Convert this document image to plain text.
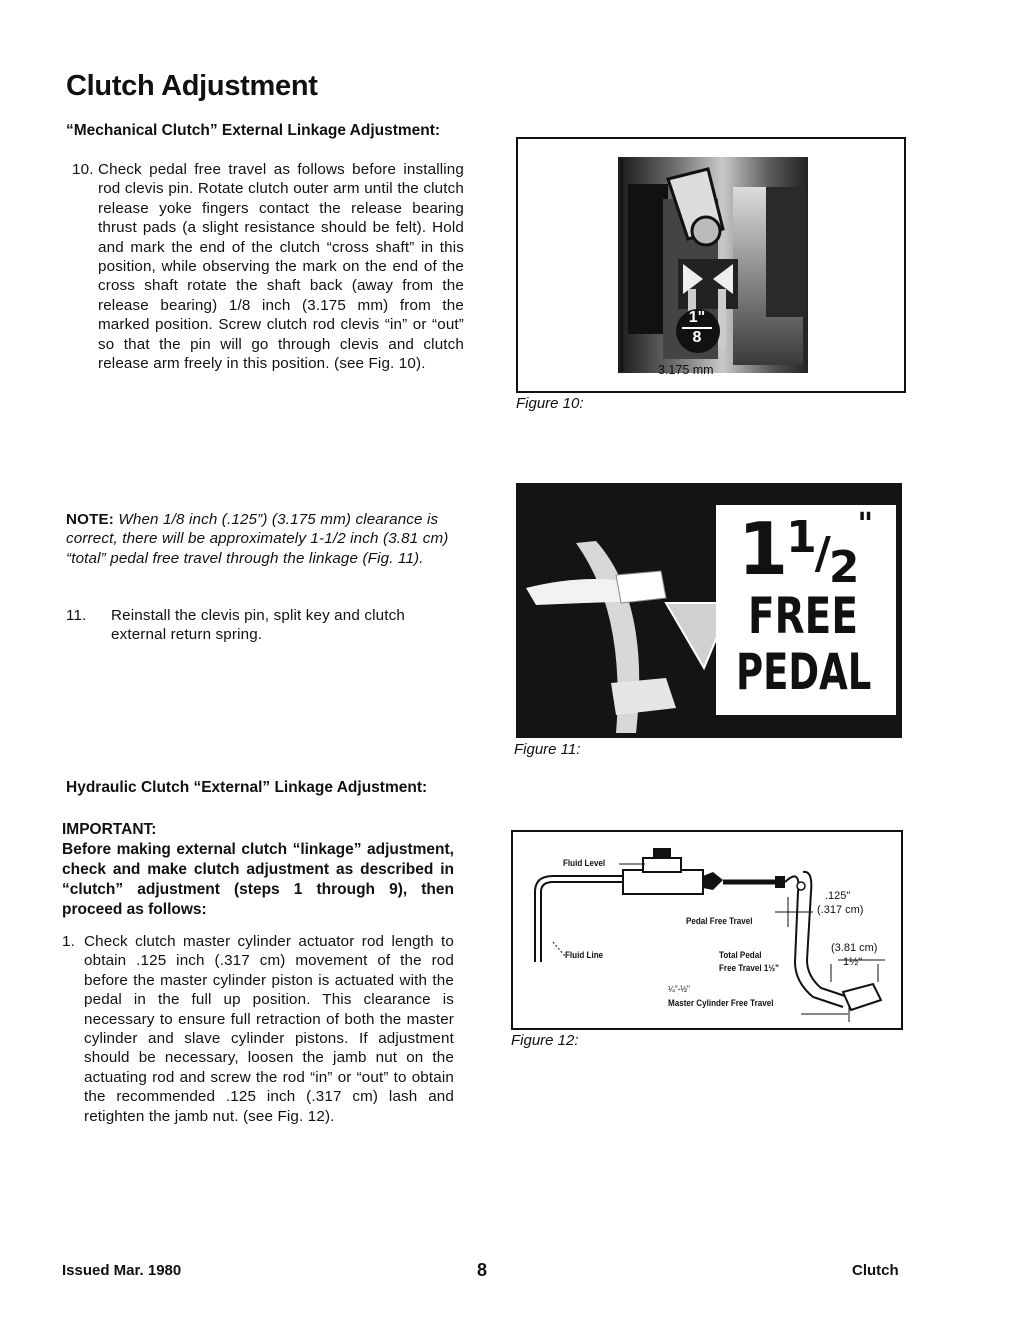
Clutch Adjustment
“Mechanical Clutch” External Linkage Adjustment:
10. Check pedal free travel as follows before installing rod clevis pin. Rotate clutch outer arm until the clutch release yoke fingers contact the release bearing thrust pads (a slight resistance should be felt). Hold and mark the end of the clutch “cross shaft” in this position, while observing the mark on the end of the cross shaft rotate the shaft back (away from the release bearing) 1/8 inch (3.175 mm) from the marked position. Screw clutch rod clevis “in” or “out” so that the pin will go through clevis and clutch release arm freely in this position. (see Fig. 10).
$\frac{1"}{8}$
3.175 mm
Figure 10:
NOTE: When 1/8 inch (.125”) (3.175 mm) clearance is correct, there will be approximately 1-1/2 inch (3.81 cm) “total” pedal free travel through the linkage (Fig. 11).
11.	Reinstall the clevis pin, split key and clutch external return spring.
$1^1/2^"$
FREE
PEDAL
Figure 11:
Hydraulic Clutch “External” Linkage Adjustment:
IMPORTANT:
Before making external clutch “linkage” adjustment, check and make clutch adjustment as described in “clutch” adjustment (steps 1 through 9), then proceed as follows:
1. Check clutch master cylinder actuator rod length to obtain .125 inch (.317 cm) movement of the rod before the master cylinder piston is actuated with the pedal in the full up position. This clearance is necessary to ensure full retraction of both the master cylinder and slave cylinder pistons. If adjustment should be necessary, loosen the jamb nut on the actuating rod and screw the rod “in” or “out” to obtain the recommended .125 inch (.317 cm) lash and retighten the jamb nut. (see Fig. 12).
Fluid Level
Fluid Line
Pedal Free Travel
Total Pedal
Free Travel 1½"
¼"-½"
Master Cylinder Free Travel
.125"
(.317 cm)
(3.81 cm)
1½"
Figure 12:
Issued Mar. 1980	8	Clutch
